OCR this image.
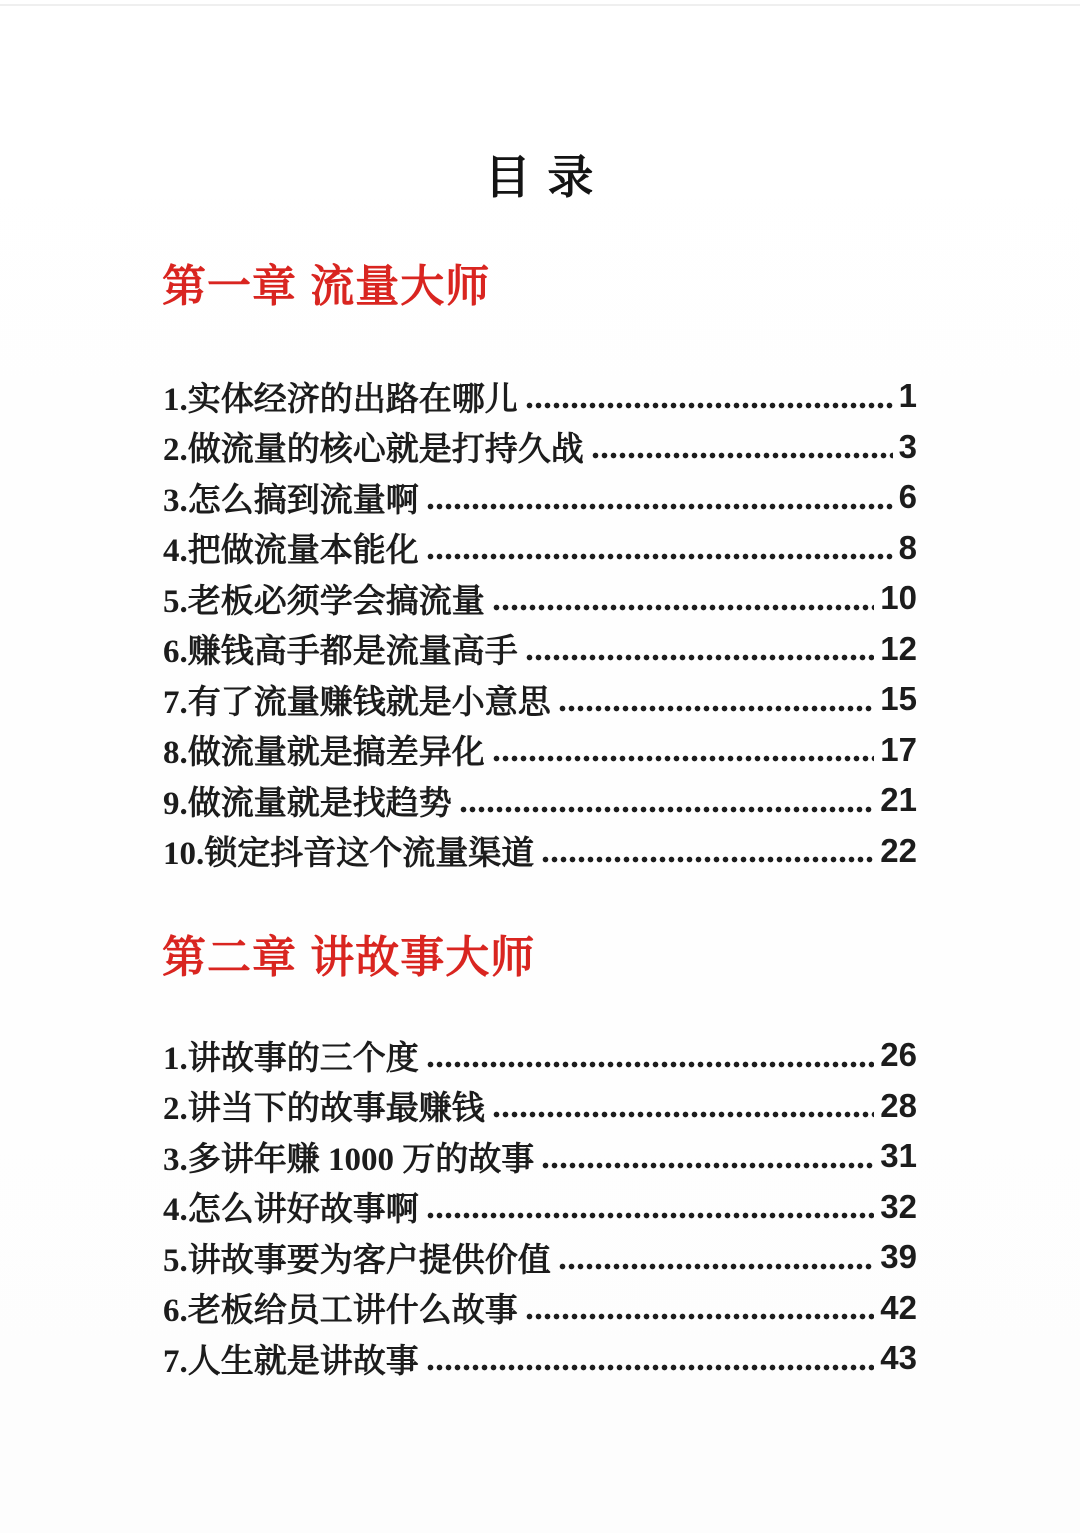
目 录
第一章 流量大师
1.实体经济的出路在哪儿	1
2.做流量的核心就是打持久战	3
3.怎么搞到流量啊	6
4.把做流量本能化	8
5.老板必须学会搞流量	10
6.赚钱高手都是流量高手	12
7.有了流量赚钱就是小意思	15
8.做流量就是搞差异化	17
9.做流量就是找趋势	21
10.锁定抖音这个流量渠道	22
第二章 讲故事大师
1.讲故事的三个度	26
2.讲当下的故事最赚钱	28
3.多讲年赚 1000 万的故事	31
4.怎么讲好故事啊	32
5.讲故事要为客户提供价值	39
6.老板给员工讲什么故事	42
7.人生就是讲故事	43
